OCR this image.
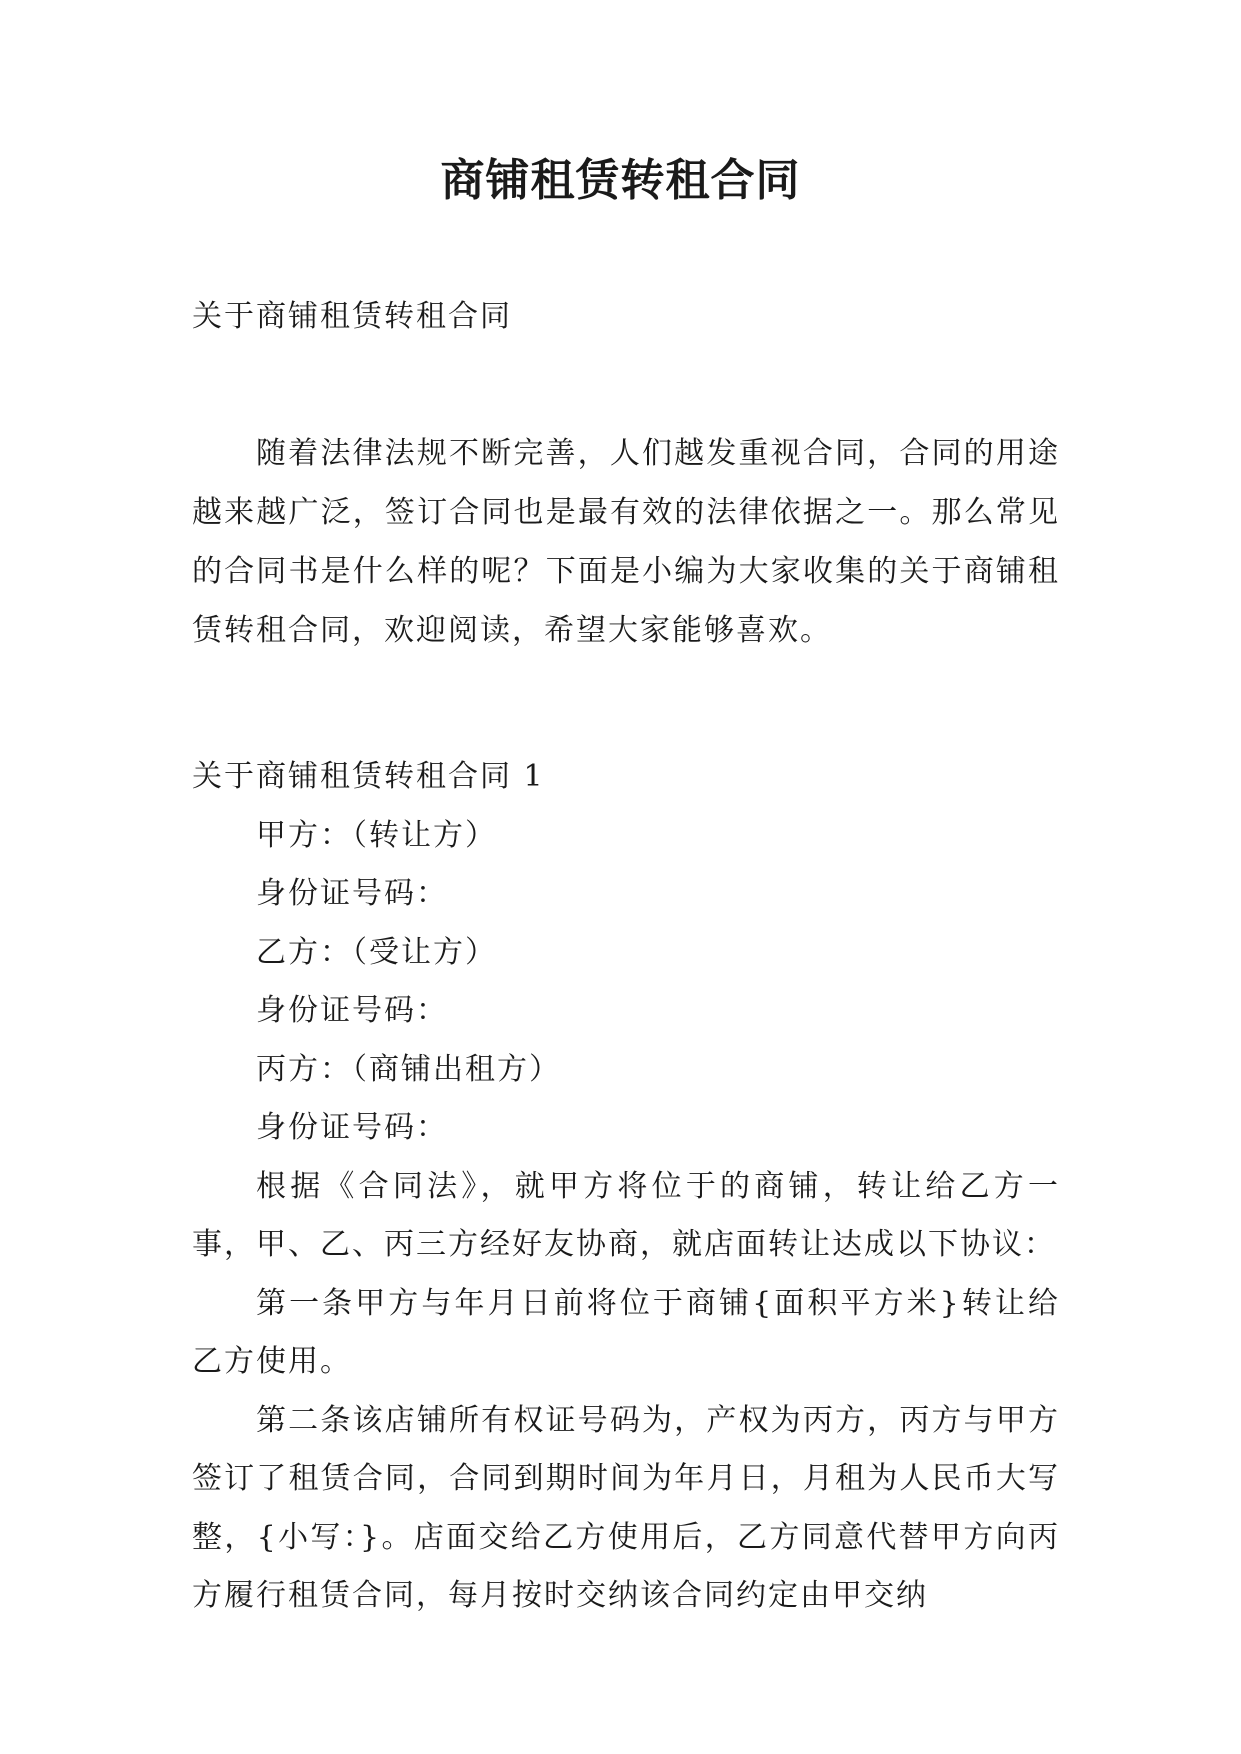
商铺租赁转租合同

关于商铺租赁转租合同

随着法律法规不断完善，人们越发重视合同，合同的用途越来越广泛，签订合同也是最有效的法律依据之一。那么常见的合同书是什么样的呢？下面是小编为大家收集的关于商铺租赁转租合同，欢迎阅读，希望大家能够喜欢。

关于商铺租赁转租合同 1

甲方：（转让方）

身份证号码：

乙方：（受让方）

身份证号码：

丙方：（商铺出租方）

身份证号码：

根据《合同法》，就甲方将位于的商铺，转让给乙方一事，甲、乙、丙三方经好友协商，就店面转让达成以下协议：

第一条甲方与年月日前将位于商铺{面积平方米}转让给乙方使用。

第二条该店铺所有权证号码为，产权为丙方，丙方与甲方签订了租赁合同，合同到期时间为年月日，月租为人民币大写整，{小写：}。店面交给乙方使用后，乙方同意代替甲方向丙方履行租赁合同，每月按时交纳该合同约定由甲交纳
